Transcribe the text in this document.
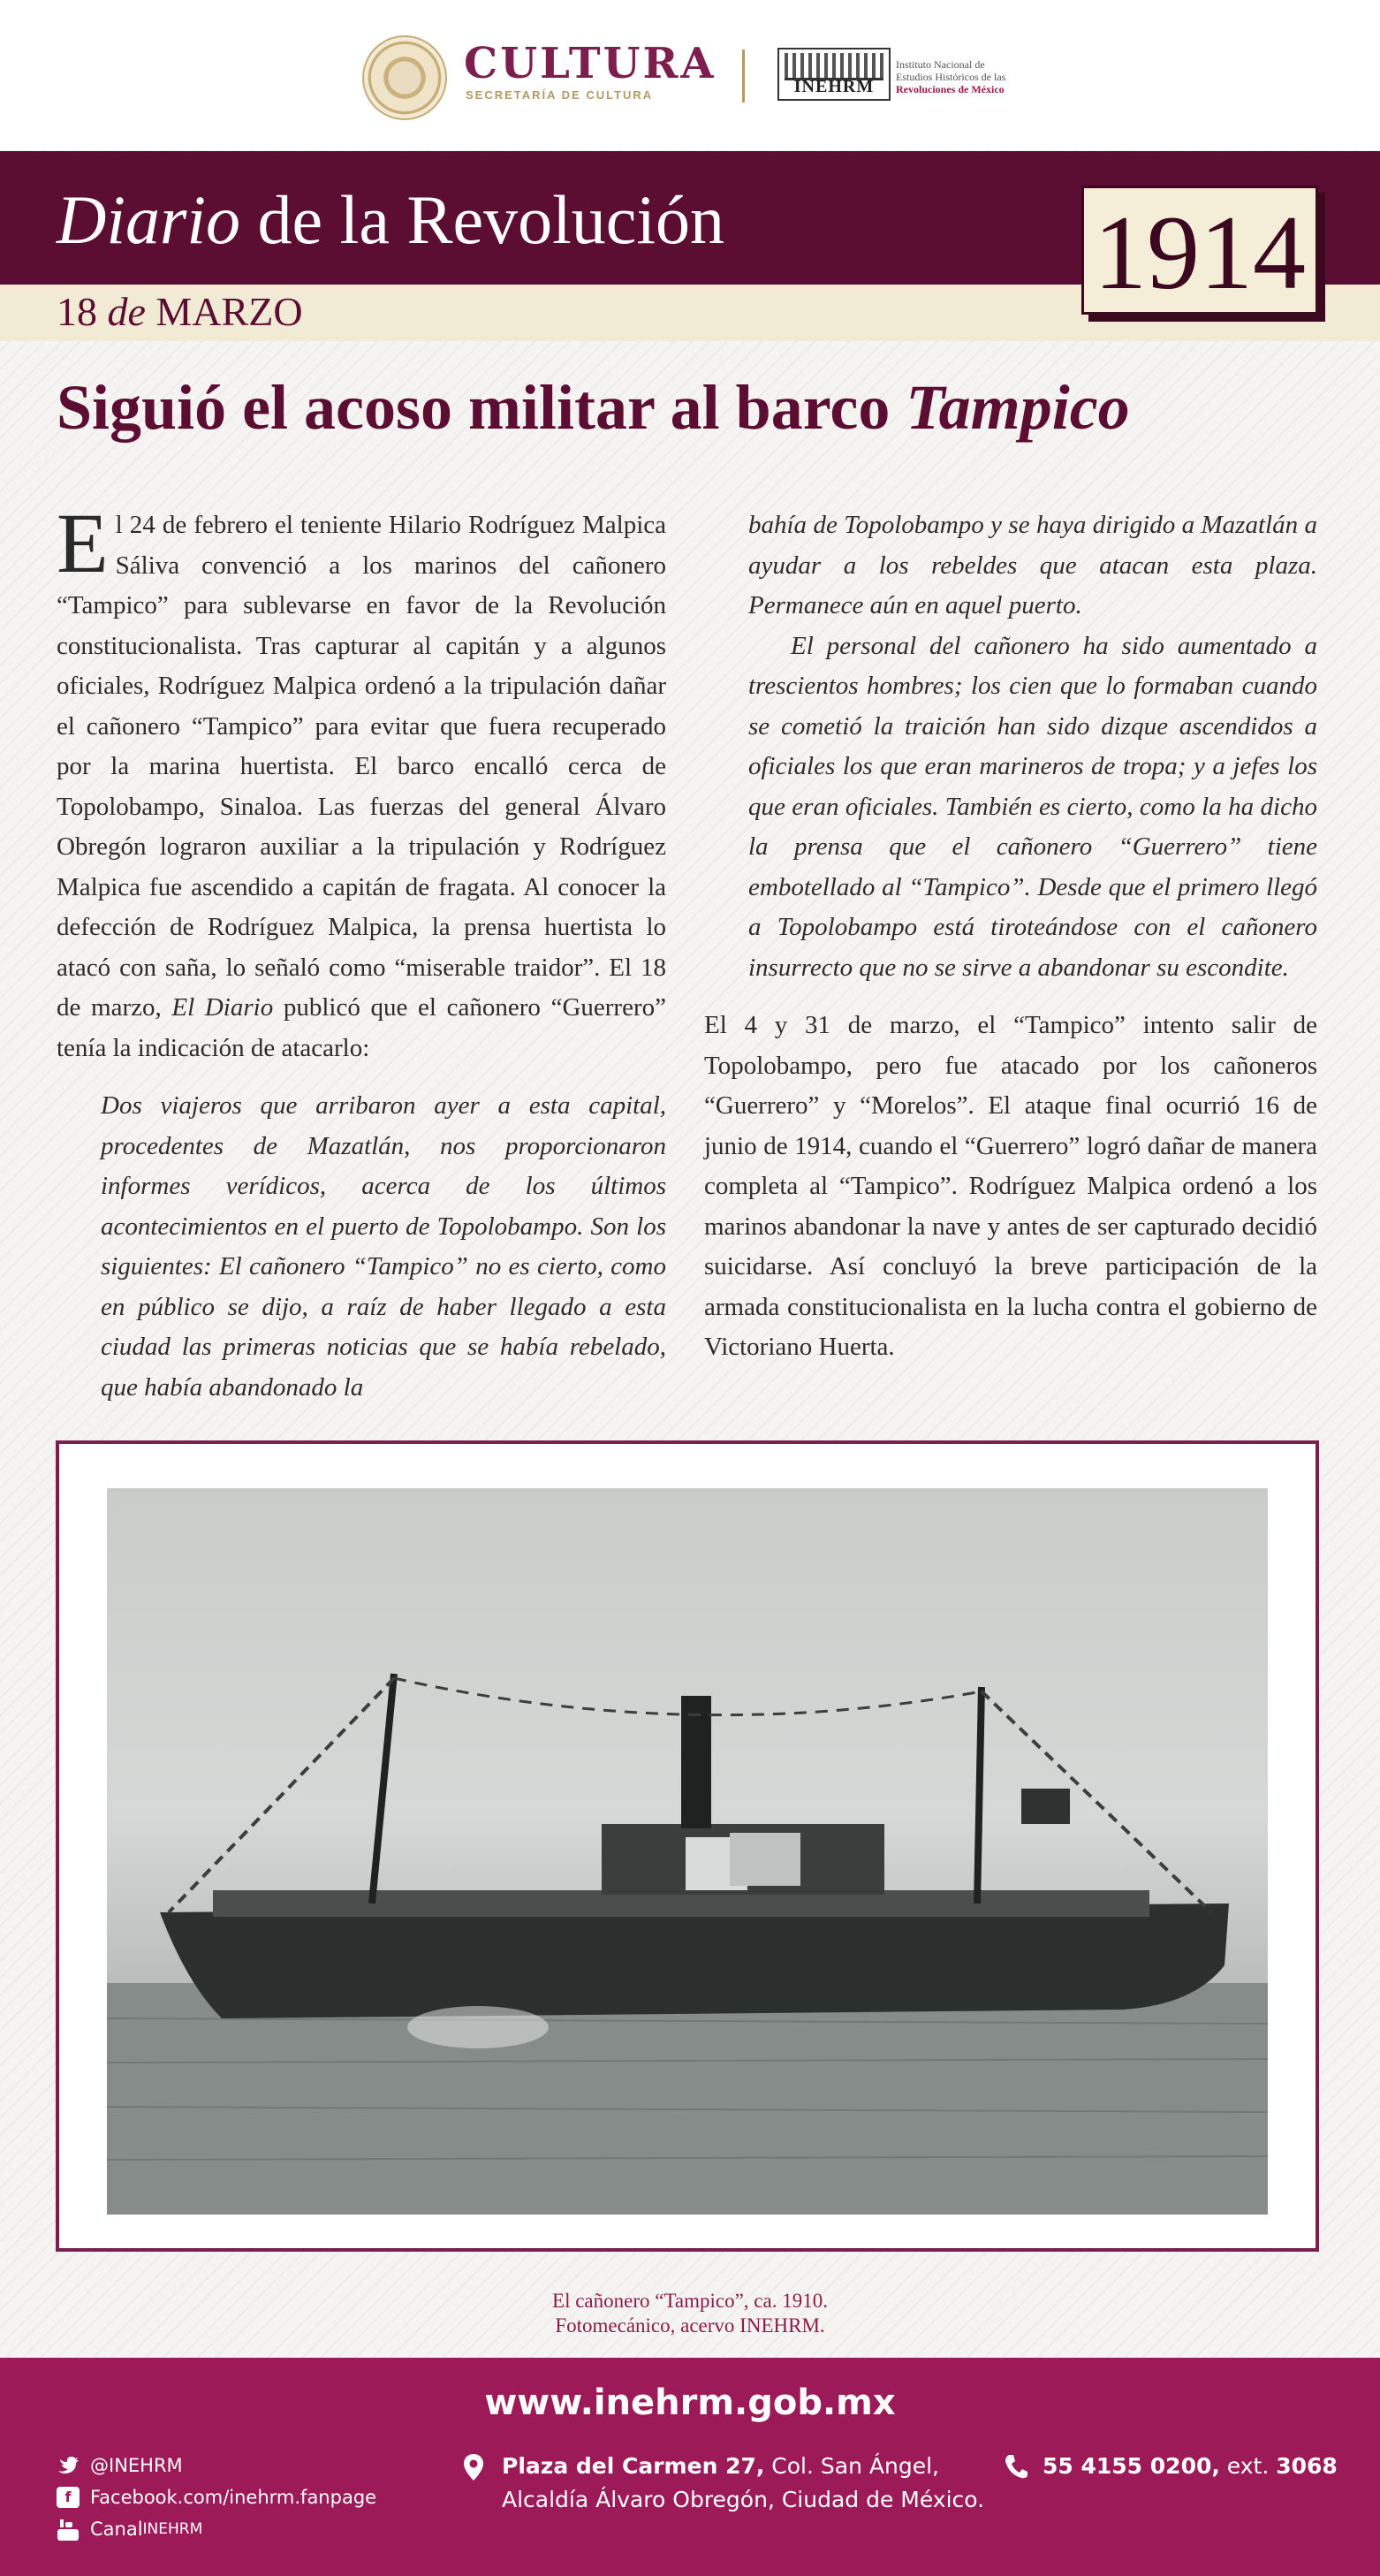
CULTURA
SECRETARÍA DE CULTURA	INEHRM
Instituto Nacional de
Estudios Históricos de las
Revoluciones de México
Diario de la Revolución
18 de MARZO
1914
Siguió el acoso militar al barco Tampico

El 24 de febrero el teniente Hilario Rodríguez Malpica Sáliva convenció a los marinos del cañonero “Tampico” para sublevarse en favor de la Revolución constitucionalista. Tras capturar al capitán y a algunos oficiales, Rodríguez Malpica ordenó a la tripulación dañar el cañonero “Tampico” para evitar que fuera recuperado por la marina huertista. El barco encalló cerca de Topolobampo, Sinaloa. Las fuerzas del general Álvaro Obregón lograron auxiliar a la tripulación y Rodríguez Malpica fue ascendido a capitán de fragata. Al conocer la defección de Rodríguez Malpica, la prensa huertista lo atacó con saña, lo señaló como “miserable traidor”. El 18 de marzo, El Diario publicó que el cañonero “Guerrero” tenía la indicación de atacarlo:

Dos viajeros que arribaron ayer a esta capital, procedentes de Mazatlán, nos proporcionaron informes verídicos, acerca de los últimos acontecimientos en el puerto de Topolobampo. Son los siguientes: El cañonero “Tampico” no es cierto, como en público se dijo, a raíz de haber llegado a esta ciudad las primeras noticias que se había rebelado, que había abandonado la

bahía de Topolobampo y se haya dirigido a Mazatlán a ayudar a los rebeldes que atacan esta plaza. Permanece aún en aquel puerto.

El personal del cañonero ha sido aumentado a trescientos hombres; los cien que lo formaban cuando se cometió la traición han sido dizque ascendidos a oficiales los que eran marineros de tropa; y a jefes los que eran oficiales. También es cierto, como la ha dicho la prensa que el cañonero “Guerrero” tiene embotellado al “Tampico”. Desde que el primero llegó a Topolobampo está tiroteándose con el cañonero insurrecto que no se sirve a abandonar su escondite.

El 4 y 31 de marzo, el “Tampico” intento salir de Topolobampo, pero fue atacado por los cañoneros “Guerrero” y “Morelos”. El ataque final ocurrió 16 de junio de 1914, cuando el “Guerrero” logró dañar de manera completa al “Tampico”. Rodríguez Malpica ordenó a los marinos abandonar la nave y antes de ser capturado decidió suicidarse. Así concluyó la breve participación de la armada constitucionalista en la lucha contra el gobierno de Victoriano Huerta.

El cañonero “Tampico”, ca. 1910.
Fotomecánico, acervo INEHRM.
www.inehrm.gob.mx
@INEHRM
f	Facebook.com/inehrm.fanpage
Canal INEHRM
Plaza del Carmen 27, Col. San Ángel,
Alcaldía Álvaro Obregón, Ciudad de México.
55 4155 0200, ext. 3068
